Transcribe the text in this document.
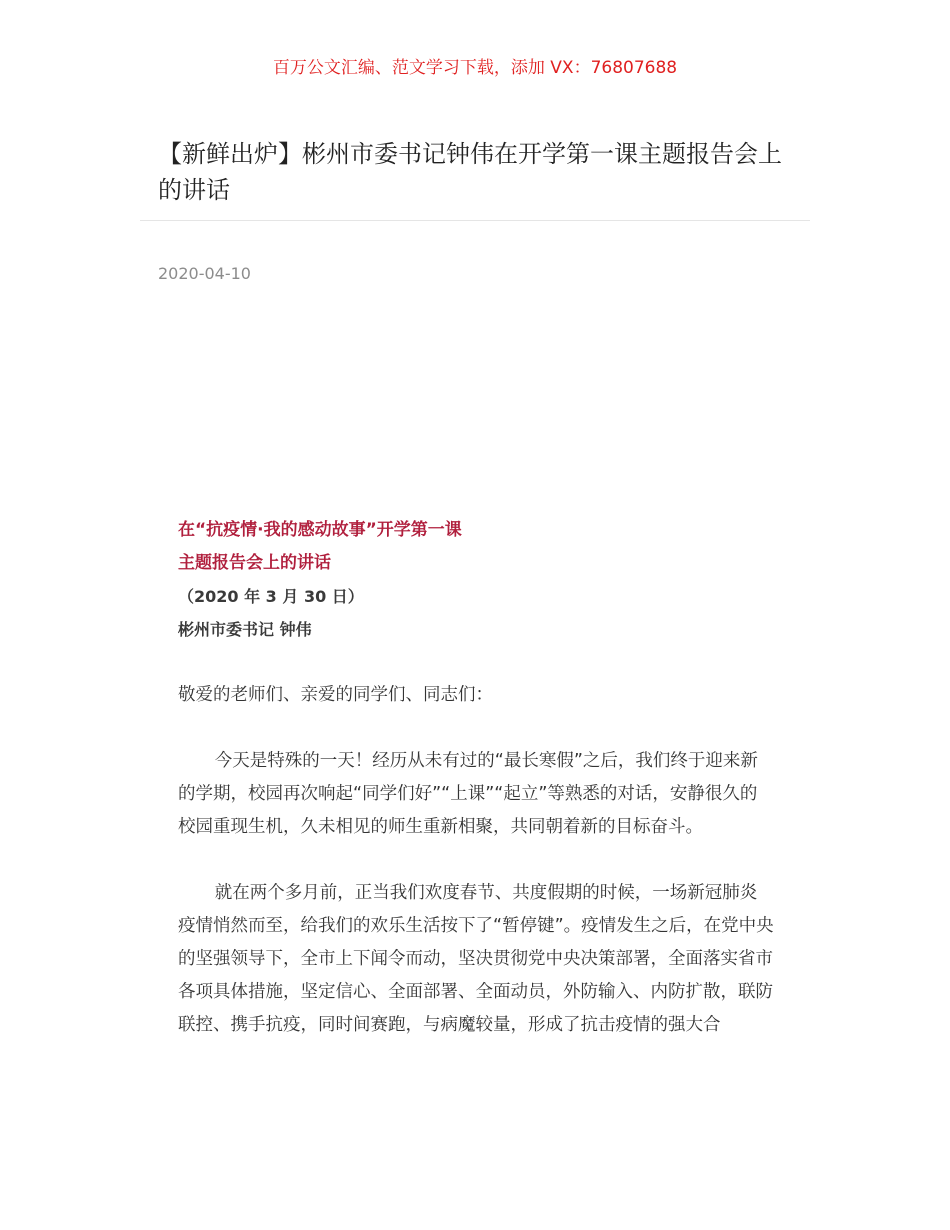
百万公文汇编、范文学习下载，添加 VX：76807688
【新鲜出炉】彬州市委书记钟伟在开学第一课主题报告会上的讲话
2020-04-10
在“抗疫情·我的感动故事”开学第一课
主题报告会上的讲话
（2020 年 3 月 30 日）
彬州市委书记 钟伟
敬爱的老师们、亲爱的同学们、同志们：
今天是特殊的一天！经历从未有过的“最长寒假”之后，我们终于迎来新的学期，校园再次响起“同学们好”“上课”“起立”等熟悉的对话，安静很久的校园重现生机，久未相见的师生重新相聚，共同朝着新的目标奋斗。
就在两个多月前，正当我们欢度春节、共度假期的时候，一场新冠肺炎疫情悄然而至，给我们的欢乐生活按下了“暂停键”。疫情发生之后，在党中央的坚强领导下，全市上下闻令而动，坚决贯彻党中央决策部署，全面落实省市各项具体措施，坚定信心、全面部署、全面动员，外防输入、内防扩散，联防联控、携手抗疫，同时间赛跑，与病魔较量，形成了抗击疫情的强大合
